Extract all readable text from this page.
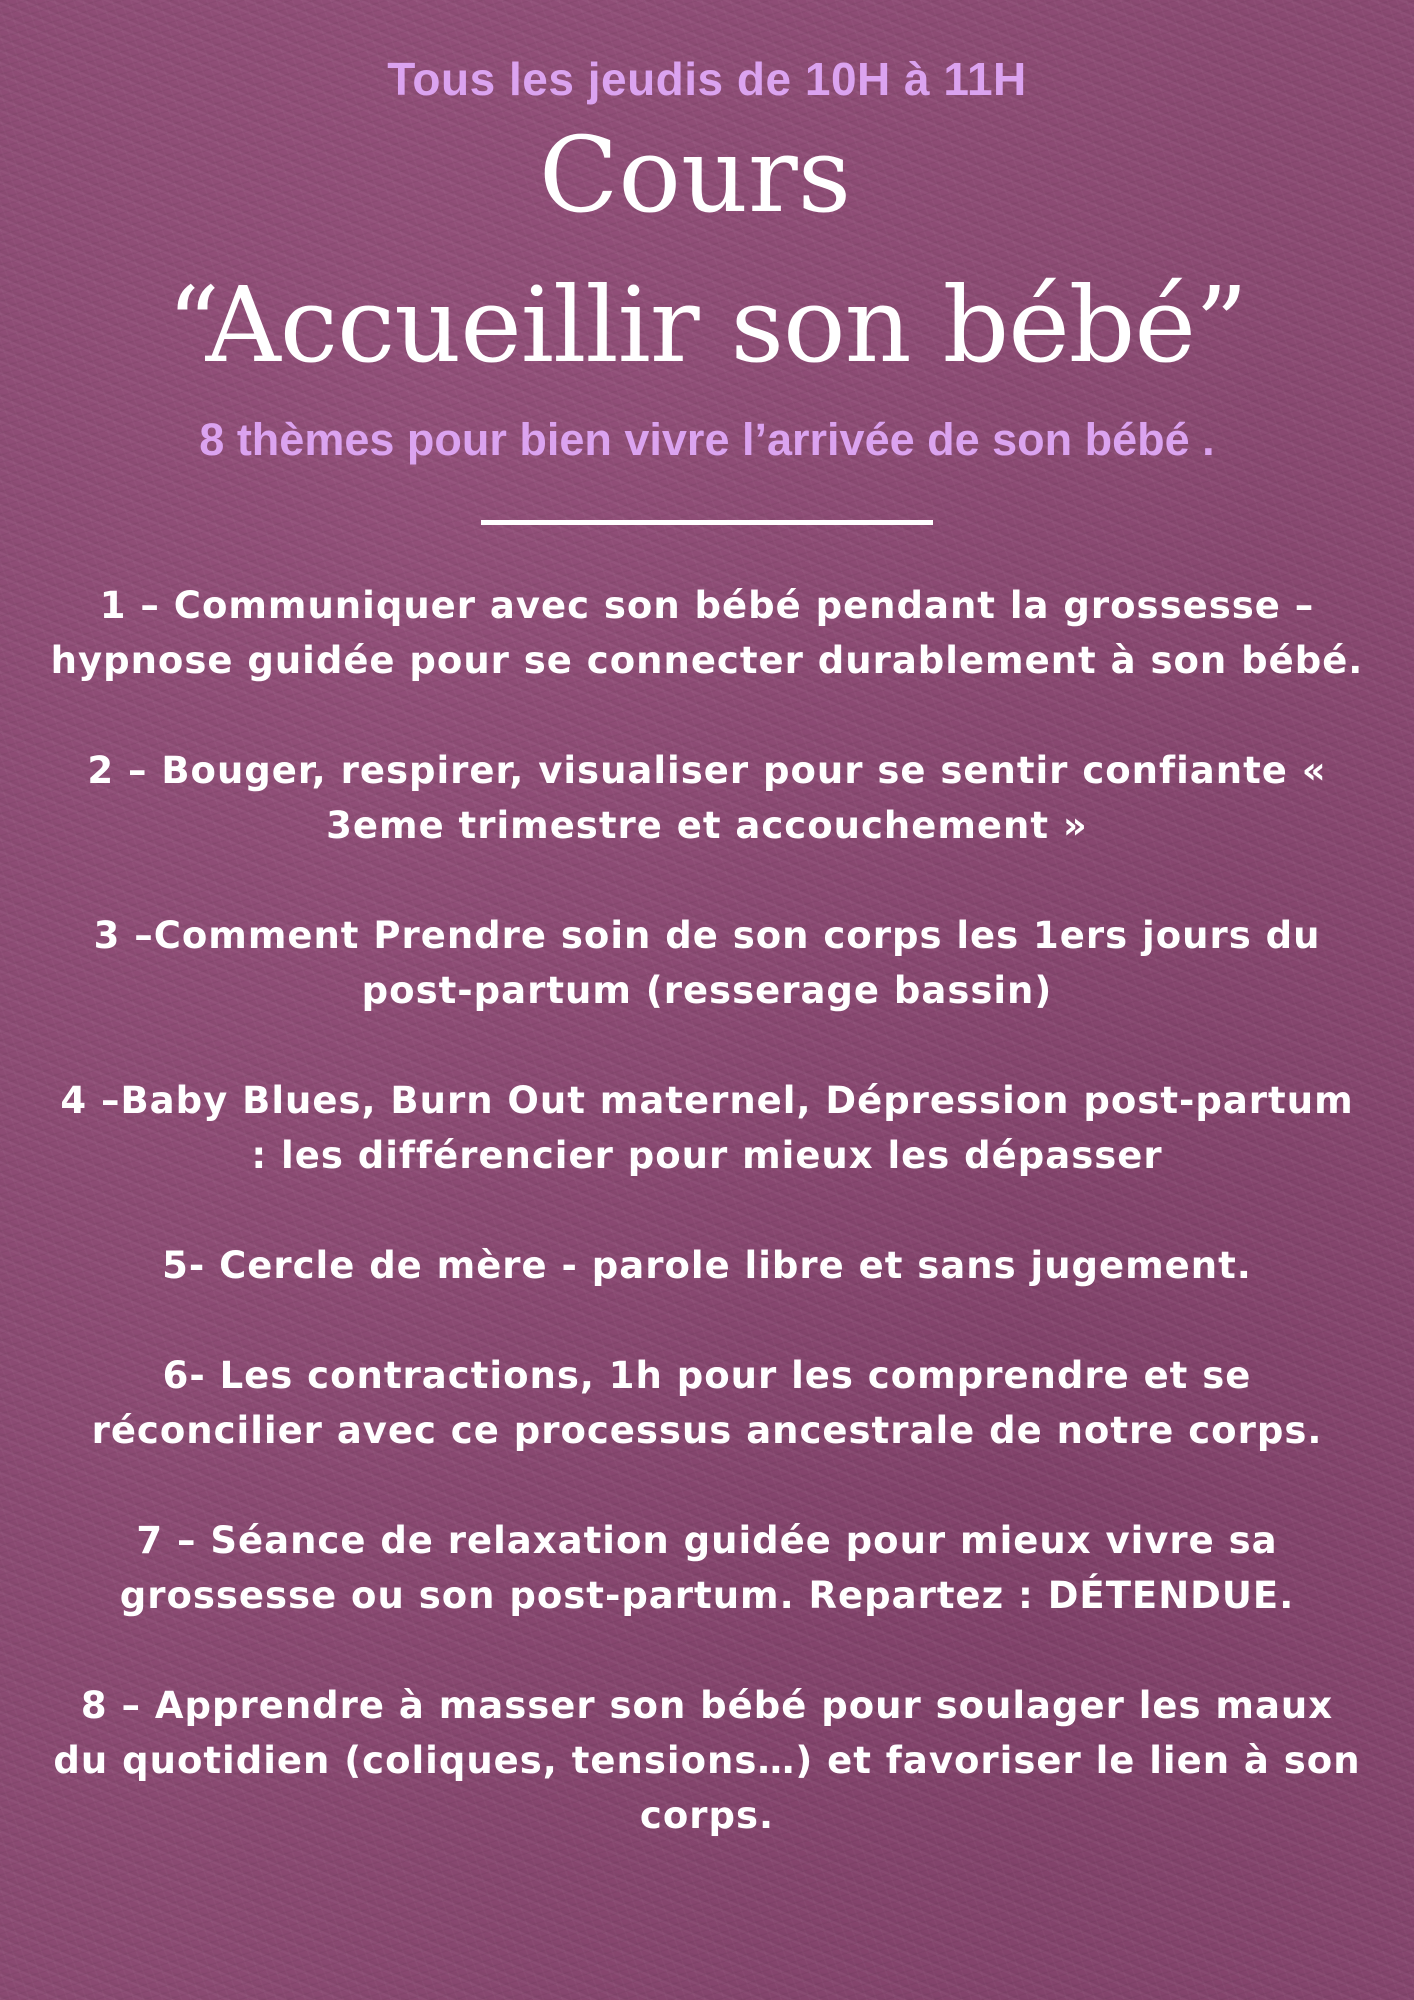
Tous les jeudis de 10H à 11H
Cours
“Accueillir son bébé”
8 thèmes pour bien vivre l’arrivée de son bébé .
1 – Communiquer avec son bébé pendant la grossesse – hypnose guidée pour se connecter durablement à son bébé.
2 – Bouger, respirer, visualiser pour se sentir confiante « 3eme trimestre et accouchement »
3 –Comment Prendre soin de son corps les 1ers jours du post-partum (resserage bassin)
4 –Baby Blues, Burn Out maternel, Dépression post-partum : les différencier pour mieux les dépasser
5- Cercle de mère - parole libre et sans jugement.
6- Les contractions, 1h pour les comprendre et se réconcilier avec ce processus ancestrale de notre corps.
7 – Séance de relaxation guidée pour mieux vivre sa grossesse ou son post-partum. Repartez : DÉTENDUE.
8 – Apprendre à masser son bébé pour soulager les maux du quotidien (coliques, tensions…) et favoriser le lien à son corps.
